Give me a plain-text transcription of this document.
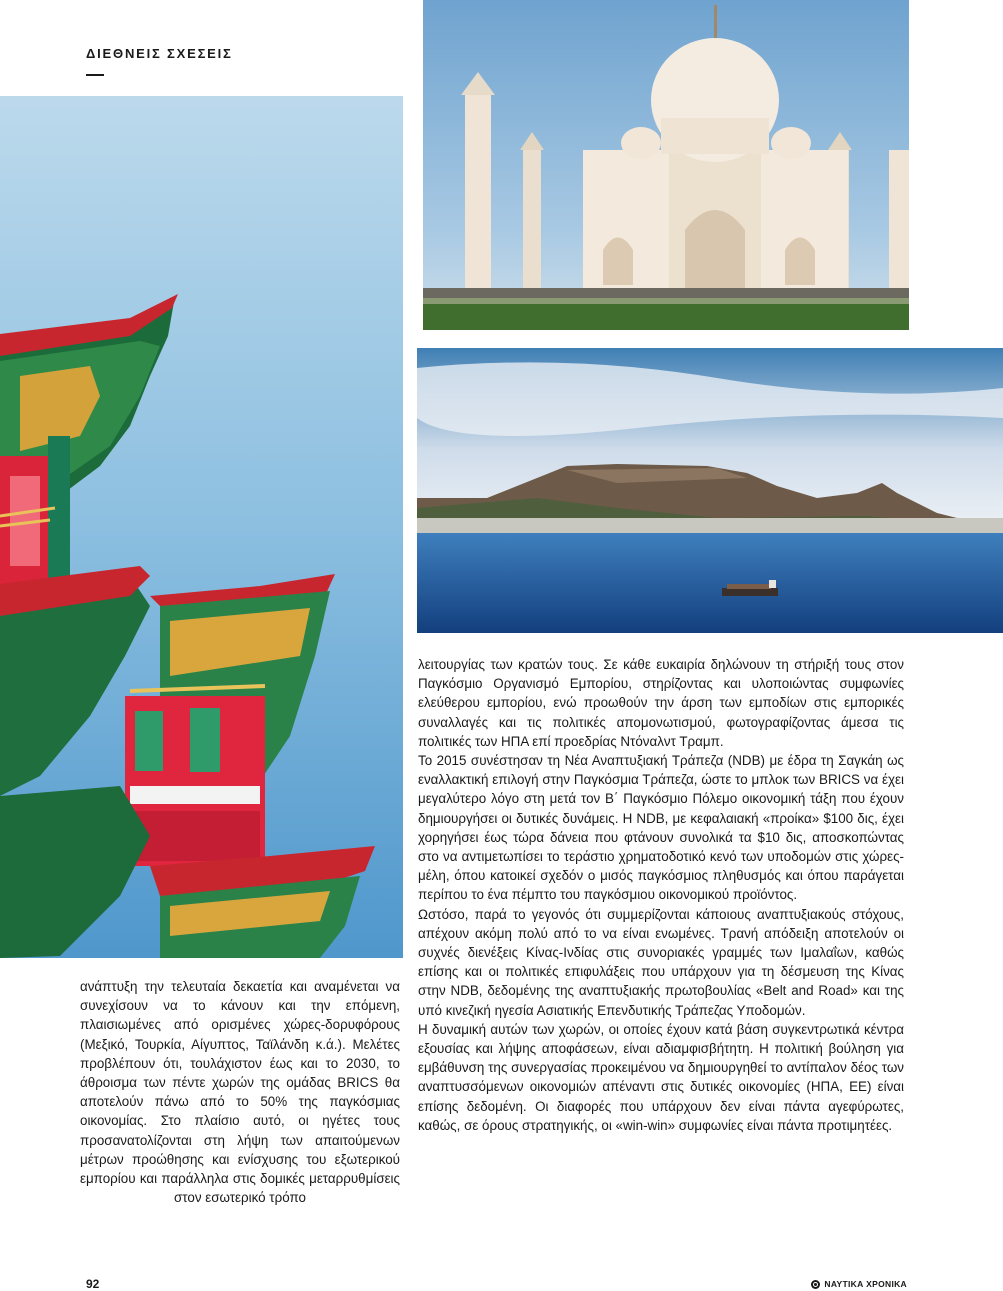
ΔΙΕΘΝΕΙΣ ΣΧΕΣΕΙΣ

ανάπτυξη την τελευταία δεκαετία και αναμένεται να συνεχίσουν να το κάνουν και την επόμενη, πλαισιωμένες από ορισμένες χώρες-δορυφόρους (Μεξικό, Τουρκία, Αίγυπτος, Ταϊλάνδη κ.ά.). Μελέτες προβλέπουν ότι, τουλάχιστον έως και το 2030, το άθροισμα των πέντε χωρών της ομάδας BRICS θα αποτελούν πάνω από το 50% της παγκόσμιας οικονομίας. Στο πλαίσιο αυτό, οι ηγέτες τους προσανατολίζονται στη λήψη των απαιτούμενων μέτρων προώθησης και ενίσχυσης του εξωτερικού εμπορίου και παράλληλα στις δομικές μεταρρυθμίσεις στον εσωτερικό τρόπο

λειτουργίας των κρατών τους. Σε κάθε ευκαιρία δηλώνουν τη στήριξή τους στον Παγκόσμιο Οργανισμό Εμπορίου, στηρίζοντας και υλοποιώντας συμφωνίες ελεύθερου εμπορίου, ενώ προωθούν την άρση των εμποδίων στις εμπορικές συναλλαγές και τις πολιτικές απομονωτισμού, φωτογραφίζοντας άμεσα τις πολιτικές των ΗΠΑ επί προεδρίας Ντόναλντ Τραμπ.

Το 2015 συνέστησαν τη Νέα Αναπτυξιακή Τράπεζα (NDB) με έδρα τη Σαγκάη ως εναλλακτική επιλογή στην Παγκόσμια Τράπεζα, ώστε το μπλοκ των BRICS να έχει μεγαλύτερο λόγο στη μετά τον Β΄ Παγκόσμιο Πόλεμο οικονομική τάξη που έχουν δημιουργήσει οι δυτικές δυνάμεις. Η NDB, με κεφαλαιακή «προίκα» $100 δις, έχει χορηγήσει έως τώρα δάνεια που φτάνουν συνολικά τα $10 δις, αποσκοπώντας στο να αντιμετωπίσει το τεράστιο χρηματοδοτικό κενό των υποδομών στις χώρες-μέλη, όπου κατοικεί σχεδόν ο μισός παγκόσμιος πληθυσμός και όπου παράγεται περίπου το ένα πέμπτο του παγκόσμιου οικονομικού προϊόντος.

Ωστόσο, παρά το γεγονός ότι συμμερίζονται κάποιους αναπτυξιακούς στόχους, απέχουν ακόμη πολύ από το να είναι ενωμένες. Τρανή απόδειξη αποτελούν οι συχνές διενέξεις Κίνας-Ινδίας στις συνοριακές γραμμές των Ιμαλαΐων, καθώς επίσης και οι πολιτικές επιφυλάξεις που υπάρχουν για τη δέσμευση της Κίνας στην NDB, δεδομένης της αναπτυξιακής πρωτοβουλίας «Belt and Road» και της υπό κινεζική ηγεσία Ασιατικής Επενδυτικής Τράπεζας Υποδομών.

Η δυναμική αυτών των χωρών, οι οποίες έχουν κατά βάση συγκεντρωτικά κέντρα εξουσίας και λήψης αποφάσεων, είναι αδιαμφισβήτητη. Η πολιτική βούληση για εμβάθυνση της συνεργασίας προκειμένου να δημιουργηθεί το αντίπαλον δέος των αναπτυσσόμενων οικονομιών απέναντι στις δυτικές οικονομίες (ΗΠΑ, ΕΕ) είναι επίσης δεδομένη. Οι διαφορές που υπάρχουν δεν είναι πάντα αγεφύρωτες, καθώς, σε όρους στρατηγικής, οι «win-win» συμφωνίες είναι πάντα προτιμητέες.

92	ΝΑΥΤΙΚΑ ΧΡΟΝΙΚΑ
